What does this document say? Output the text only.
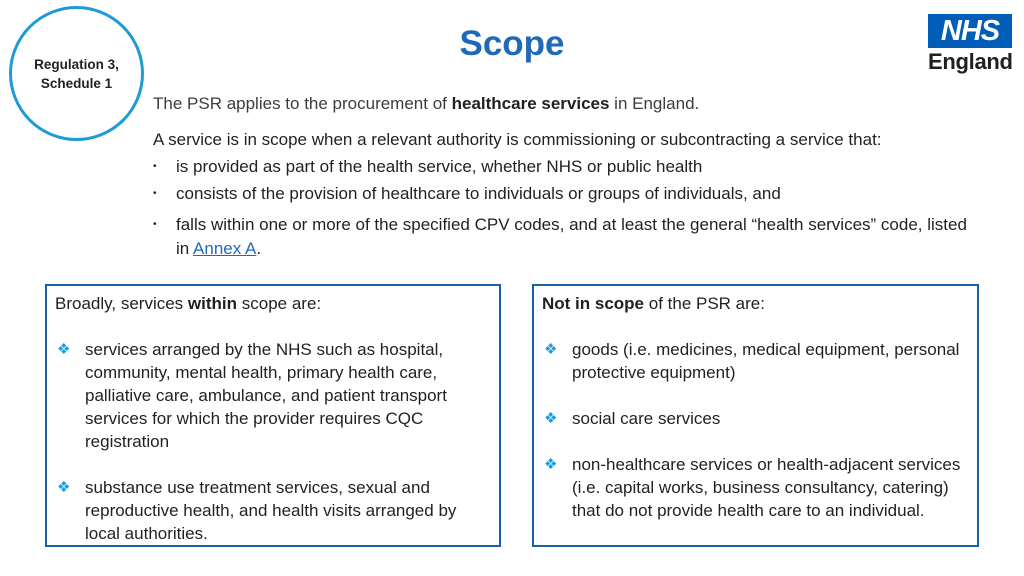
Regulation 3,
Schedule 1
Scope	NHS
England

The PSR applies to the procurement of healthcare services in England.

A service is in scope when a relevant authority is commissioning or subcontracting a service that:

• is provided as part of the health service, whether NHS or public health
• consists of the provision of healthcare to individuals or groups of individuals, and
• falls within one or more of the specified CPV codes, and at least the general “health services” code, listed in Annex A.

Broadly, services within scope are:

❖ services arranged by the NHS such as hospital, community, mental health, primary health care, palliative care, ambulance, and patient transport services for which the provider requires CQC registration
❖ substance use treatment services, sexual and reproductive health, and health visits arranged by local authorities.

Not in scope of the PSR are:

❖ goods (i.e. medicines, medical equipment, personal protective equipment)
❖ social care services
❖ non-healthcare services or health-adjacent services (i.e. capital works, business consultancy, catering) that do not provide health care to an individual.
